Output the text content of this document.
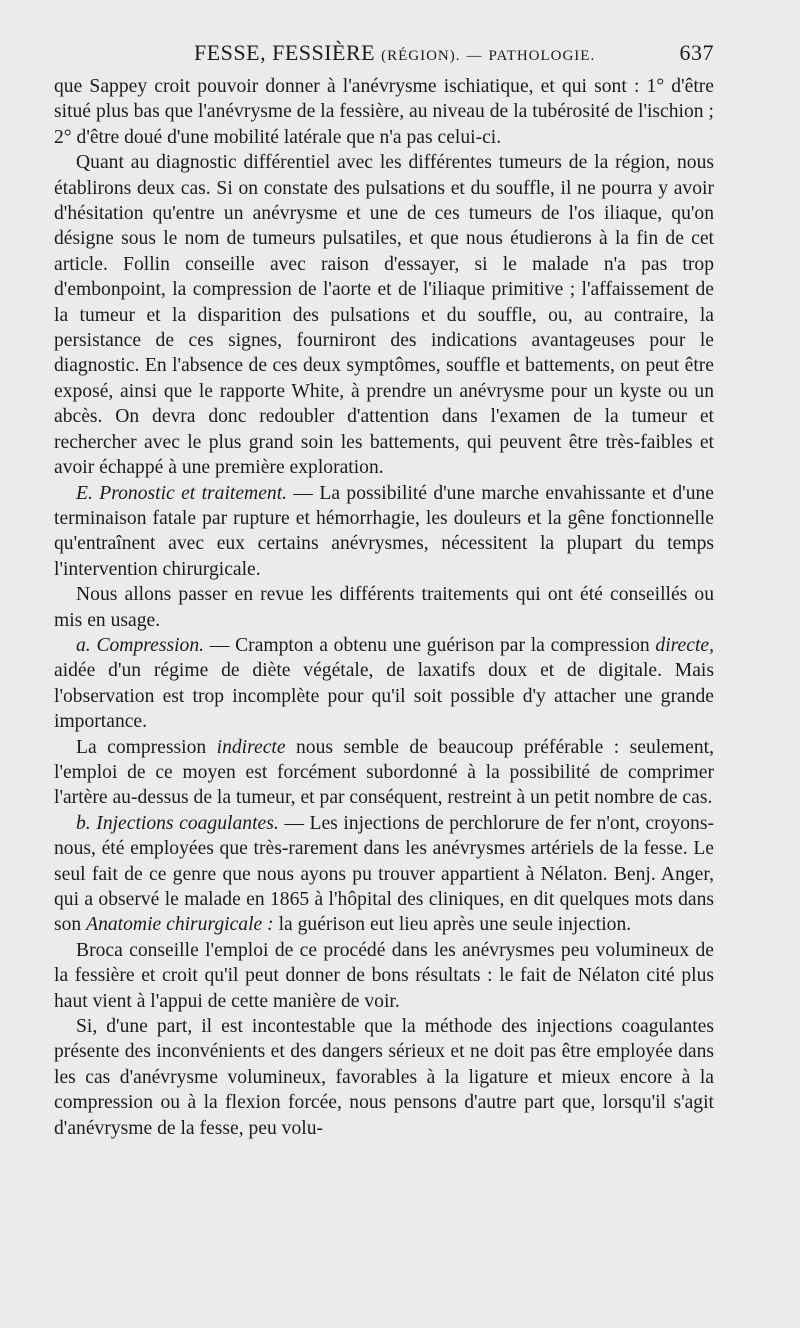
FESSE, FESSIÈRE (RÉGION). — PATHOLOGIE.	637

que Sappey croit pouvoir donner à l'anévrysme ischiatique, et qui sont : 1° d'être situé plus bas que l'anévrysme de la fessière, au niveau de la tubérosité de l'ischion ; 2° d'être doué d'une mobilité latérale que n'a pas celui-ci.

Quant au diagnostic différentiel avec les différentes tumeurs de la région, nous établirons deux cas. Si on constate des pulsations et du souffle, il ne pourra y avoir d'hésitation qu'entre un anévrysme et une de ces tumeurs de l'os iliaque, qu'on désigne sous le nom de tumeurs pulsatiles, et que nous étudierons à la fin de cet article. Follin conseille avec raison d'essayer, si le malade n'a pas trop d'embonpoint, la compression de l'aorte et de l'iliaque primitive ; l'affaissement de la tumeur et la disparition des pulsations et du souffle, ou, au contraire, la persistance de ces signes, fourniront des indications avantageuses pour le diagnostic. En l'absence de ces deux symptômes, souffle et battements, on peut être exposé, ainsi que le rapporte White, à prendre un anévrysme pour un kyste ou un abcès. On devra donc redoubler d'attention dans l'examen de la tumeur et rechercher avec le plus grand soin les battements, qui peuvent être très-faibles et avoir échappé à une première exploration.

E. Pronostic et traitement. — La possibilité d'une marche envahissante et d'une terminaison fatale par rupture et hémorrhagie, les douleurs et la gêne fonctionnelle qu'entraînent avec eux certains anévrysmes, nécessitent la plupart du temps l'intervention chirurgicale.

Nous allons passer en revue les différents traitements qui ont été conseillés ou mis en usage.

a. Compression. — Crampton a obtenu une guérison par la compression directe, aidée d'un régime de diète végétale, de laxatifs doux et de digitale. Mais l'observation est trop incomplète pour qu'il soit possible d'y attacher une grande importance.

La compression indirecte nous semble de beaucoup préférable : seulement, l'emploi de ce moyen est forcément subordonné à la possibilité de comprimer l'artère au-dessus de la tumeur, et par conséquent, restreint à un petit nombre de cas.

b. Injections coagulantes. — Les injections de perchlorure de fer n'ont, croyons-nous, été employées que très-rarement dans les anévrysmes artériels de la fesse. Le seul fait de ce genre que nous ayons pu trouver appartient à Nélaton. Benj. Anger, qui a observé le malade en 1865 à l'hôpital des cliniques, en dit quelques mots dans son Anatomie chirurgicale : la guérison eut lieu après une seule injection.

Broca conseille l'emploi de ce procédé dans les anévrysmes peu volumineux de la fessière et croit qu'il peut donner de bons résultats : le fait de Nélaton cité plus haut vient à l'appui de cette manière de voir.

Si, d'une part, il est incontestable que la méthode des injections coagulantes présente des inconvénients et des dangers sérieux et ne doit pas être employée dans les cas d'anévrysme volumineux, favorables à la ligature et mieux encore à la compression ou à la flexion forcée, nous pensons d'autre part que, lorsqu'il s'agit d'anévrysme de la fesse, peu volu-
